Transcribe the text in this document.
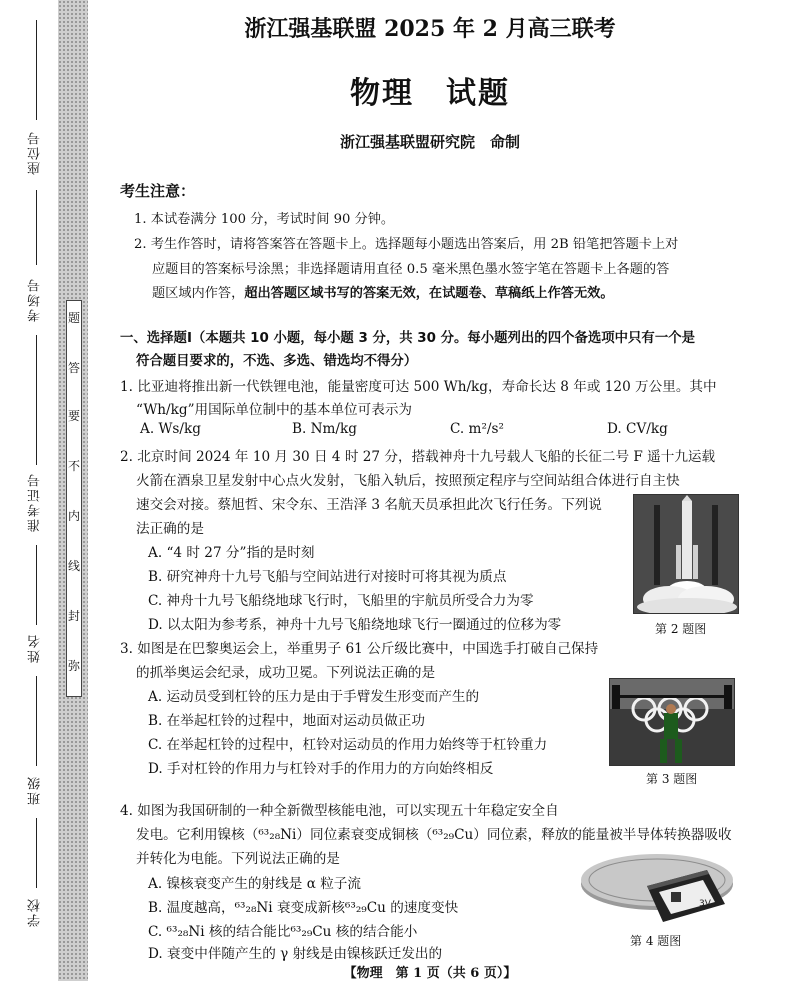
题
答
要
不
内
线
封
弥
座位号
考场号
准考证号
姓名
班级
学校
浙江强基联盟 2025 年 2 月高三联考
物理　试题
浙江强基联盟研究院　命制
考生注意：
1. 本试卷满分 100 分，考试时间 90 分钟。
2. 考生作答时，请将答案答在答题卡上。选择题每小题选出答案后，用 2B 铅笔把答题卡上对
应题目的答案标号涂黑；非选择题请用直径 0.5 毫米黑色墨水签字笔在答题卡上各题的答
题区域内作答，超出答题区域书写的答案无效，在试题卷、草稿纸上作答无效。
一、选择题Ⅰ（本题共 10 小题，每小题 3 分，共 30 分。每小题列出的四个备选项中只有一个是
符合题目要求的，不选、多选、错选均不得分）
1. 比亚迪将推出新一代铁锂电池，能量密度可达 500 Wh/kg，寿命长达 8 年或 120 万公里。其中
“Wh/kg”用国际单位制中的基本单位可表示为
A. Ws/kg	B. Nm/kg	C. m²/s²	D. CV/kg
2. 北京时间 2024 年 10 月 30 日 4 时 27 分，搭载神舟十九号载人飞船的长征二号 F 遥十九运载
火箭在酒泉卫星发射中心点火发射，飞船入轨后，按照预定程序与空间站组合体进行自主快
速交会对接。蔡旭哲、宋令东、王浩泽 3 名航天员承担此次飞行任务。下列说
法正确的是
A. “4 时 27 分”指的是时刻
B. 研究神舟十九号飞船与空间站进行对接时可将其视为质点
C. 神舟十九号飞船绕地球飞行时，飞船里的宇航员所受合力为零
D. 以太阳为参考系，神舟十九号飞船绕地球飞行一圈通过的位移为零	第 2 题图
3. 如图是在巴黎奥运会上，举重男子 61 公斤级比赛中，中国选手打破自己保持
的抓举奥运会纪录，成功卫冕。下列说法正确的是
A. 运动员受到杠铃的压力是由于手臂发生形变而产生的
B. 在举起杠铃的过程中，地面对运动员做正功
C. 在举起杠铃的过程中，杠铃对运动员的作用力始终等于杠铃重力
D. 手对杠铃的作用力与杠铃对手的作用力的方向始终相反
第 3 题图
4. 如图为我国研制的一种全新微型核能电池，可以实现五十年稳定安全自
发电。它利用镍核（⁶³₂₈Ni）同位素衰变成铜核（⁶³₂₉Cu）同位素，释放的能量被半导体转换器吸收
并转化为电能。下列说法正确的是
A. 镍核衰变产生的射线是 α 粒子流
B. 温度越高，⁶³₂₈Ni 衰变成新核⁶³₂₉Cu 的速度变快
C. ⁶³₂₈Ni 核的结合能比⁶³₂₉Cu 核的结合能小
3V
第 4 题图
【物理　第 1 页（共 6 页）】
D. 衰变中伴随产生的 γ 射线是由镍核跃迁发出的
